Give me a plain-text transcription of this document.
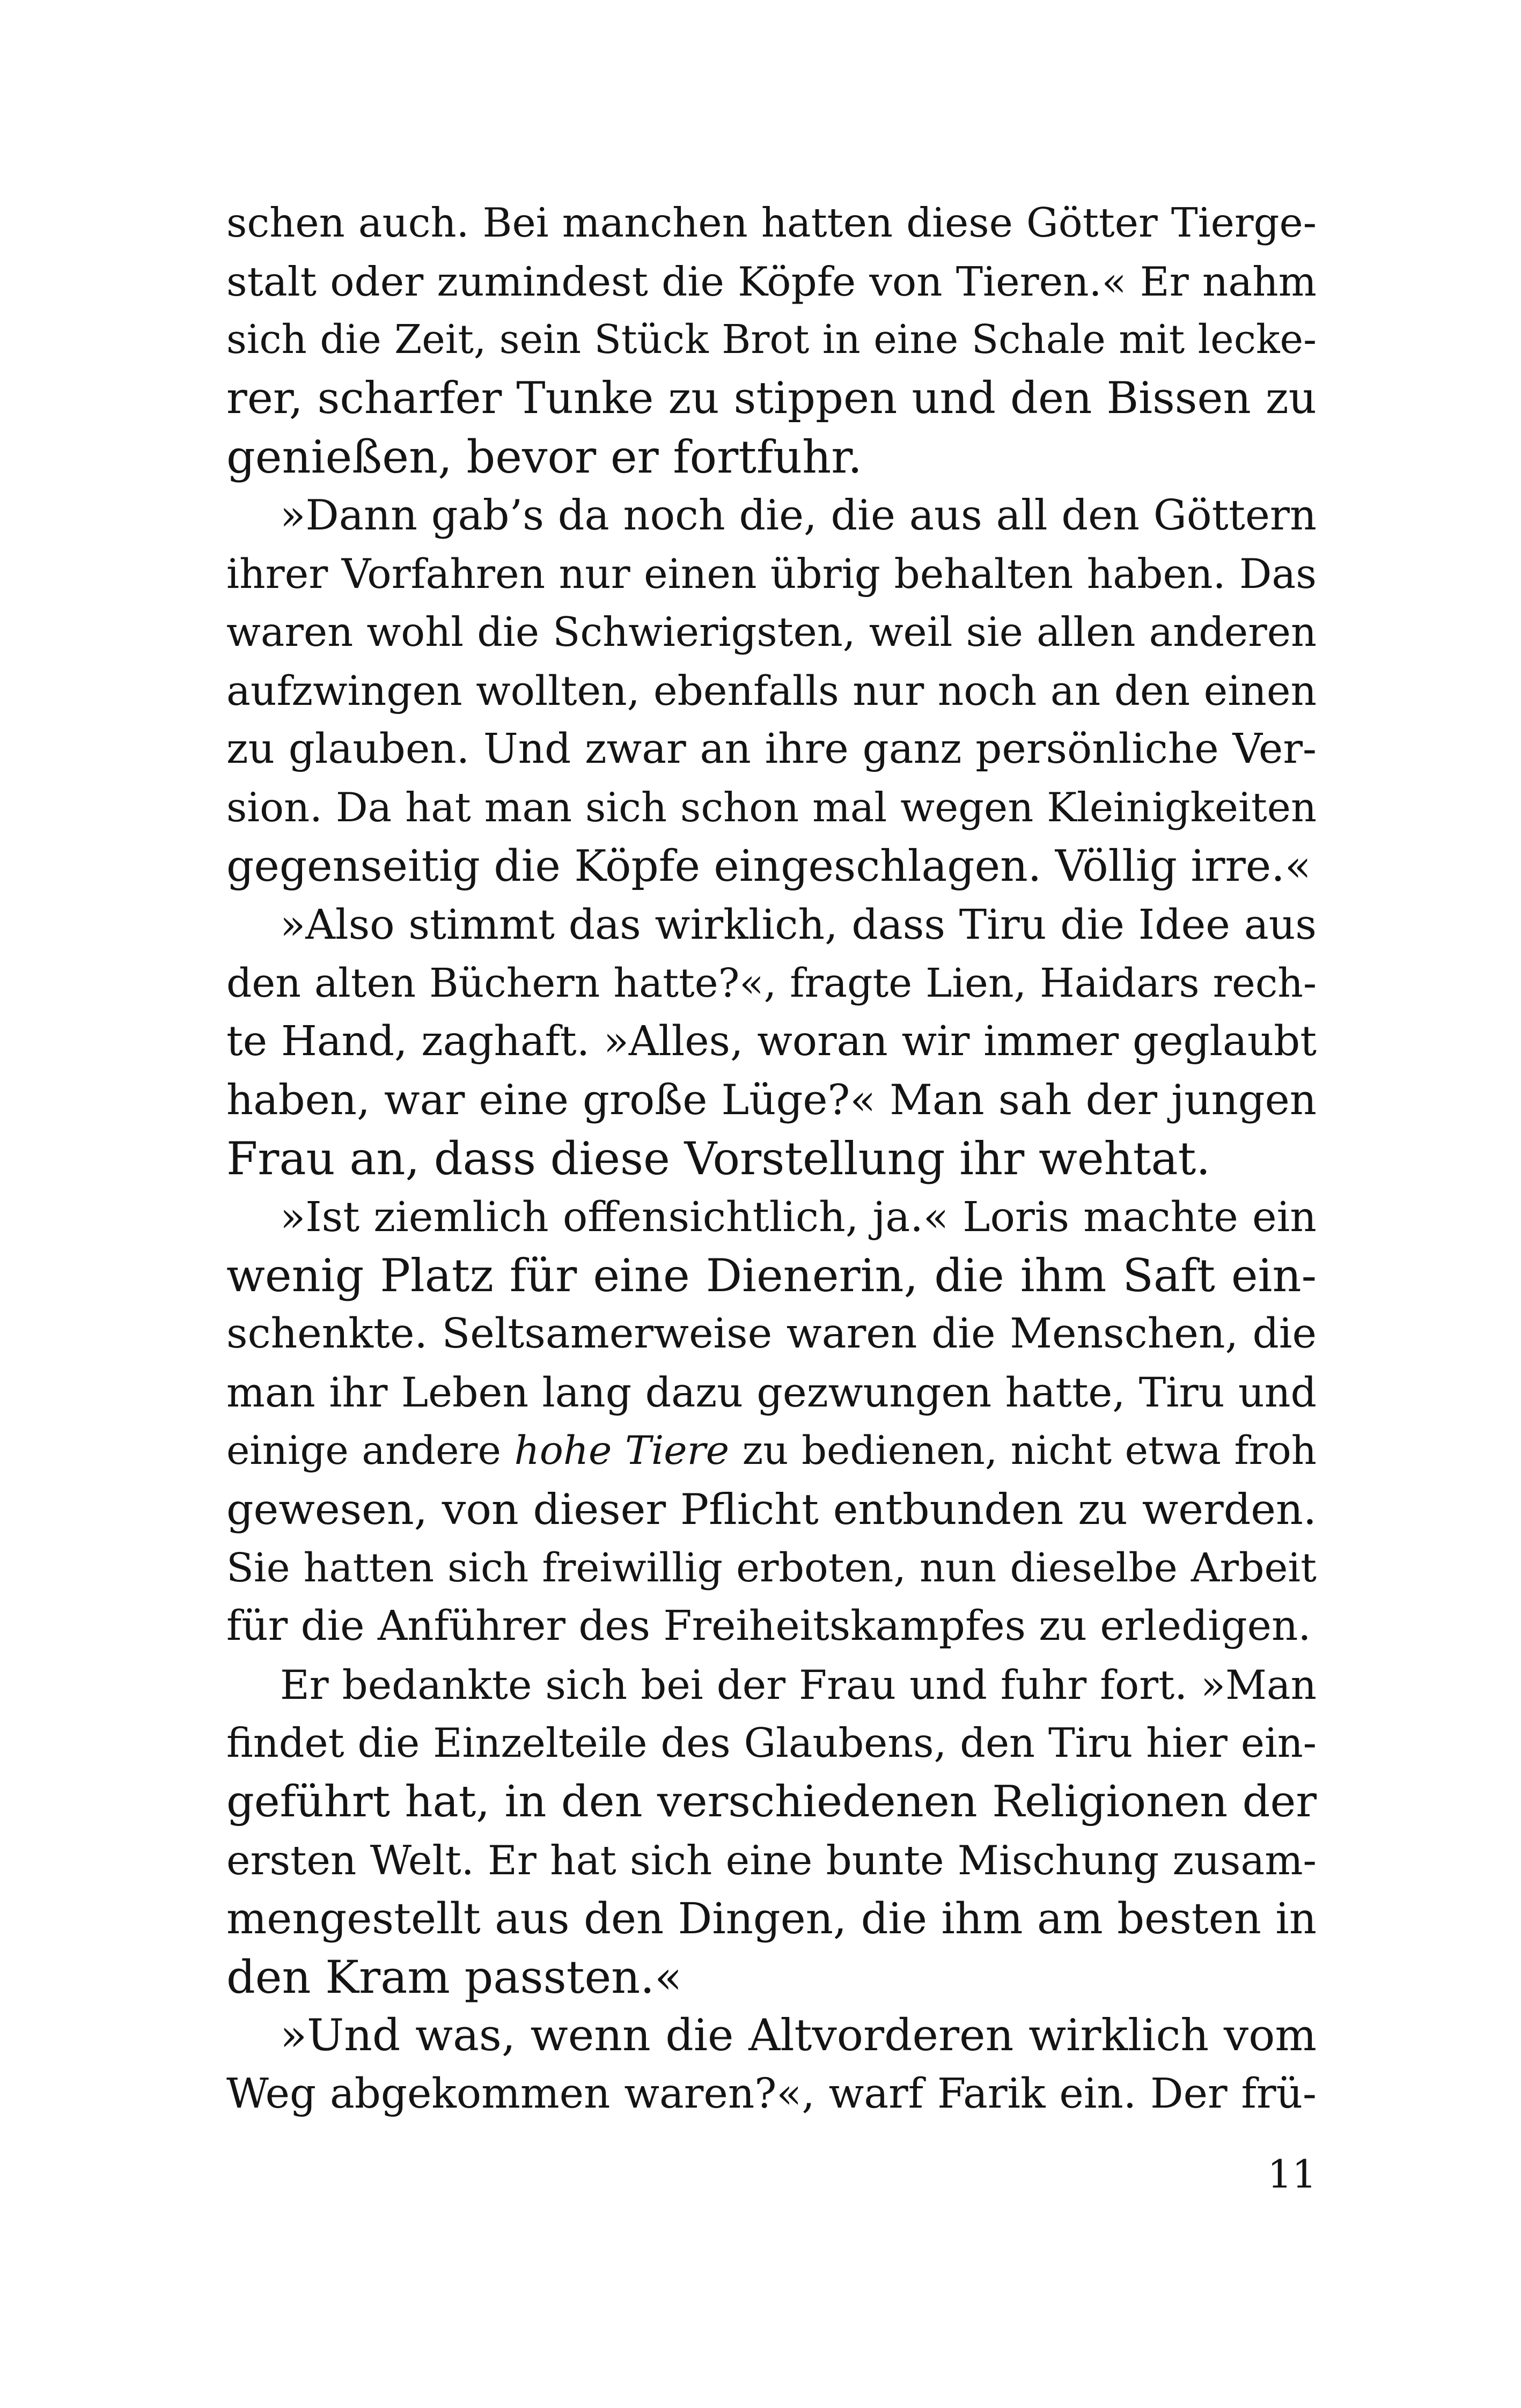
schen auch. Bei manchen hatten diese Götter Tierge-
stalt oder zumindest die Köpfe von Tieren.« Er nahm
sich die Zeit, sein Stück Brot in eine Schale mit lecke-
rer, scharfer Tunke zu stippen und den Bissen zu
genießen, bevor er fortfuhr.
»Dann gab’s da noch die, die aus all den Göttern
ihrer Vorfahren nur einen übrig behalten haben. Das
waren wohl die Schwierigsten, weil sie allen anderen
aufzwingen wollten, ebenfalls nur noch an den einen
zu glauben. Und zwar an ihre ganz persönliche Ver-
sion. Da hat man sich schon mal wegen Kleinigkeiten
gegenseitig die Köpfe eingeschlagen. Völlig irre.«
»Also stimmt das wirklich, dass Tiru die Idee aus
den alten Büchern hatte?«, fragte Lien, Haidars rech-
te Hand, zaghaft. »Alles, woran wir immer geglaubt
haben, war eine große Lüge?« Man sah der jungen
Frau an, dass diese Vorstellung ihr wehtat.
»Ist ziemlich offensichtlich, ja.« Loris machte ein
wenig Platz für eine Dienerin, die ihm Saft ein-
schenkte. Seltsamerweise waren die Menschen, die
man ihr Leben lang dazu gezwungen hatte, Tiru und
einige andere hohe Tiere zu bedienen, nicht etwa froh
gewesen, von dieser Pflicht entbunden zu werden.
Sie hatten sich freiwillig erboten, nun dieselbe Arbeit
für die Anführer des Freiheitskampfes zu erledigen.
Er bedankte sich bei der Frau und fuhr fort. »Man
findet die Einzelteile des Glaubens, den Tiru hier ein-
geführt hat, in den verschiedenen Religionen der
ersten Welt. Er hat sich eine bunte Mischung zusam-
mengestellt aus den Dingen, die ihm am besten in
den Kram passten.«
»Und was, wenn die Altvorderen wirklich vom
Weg abgekommen waren?«, warf Farik ein. Der frü-
11
